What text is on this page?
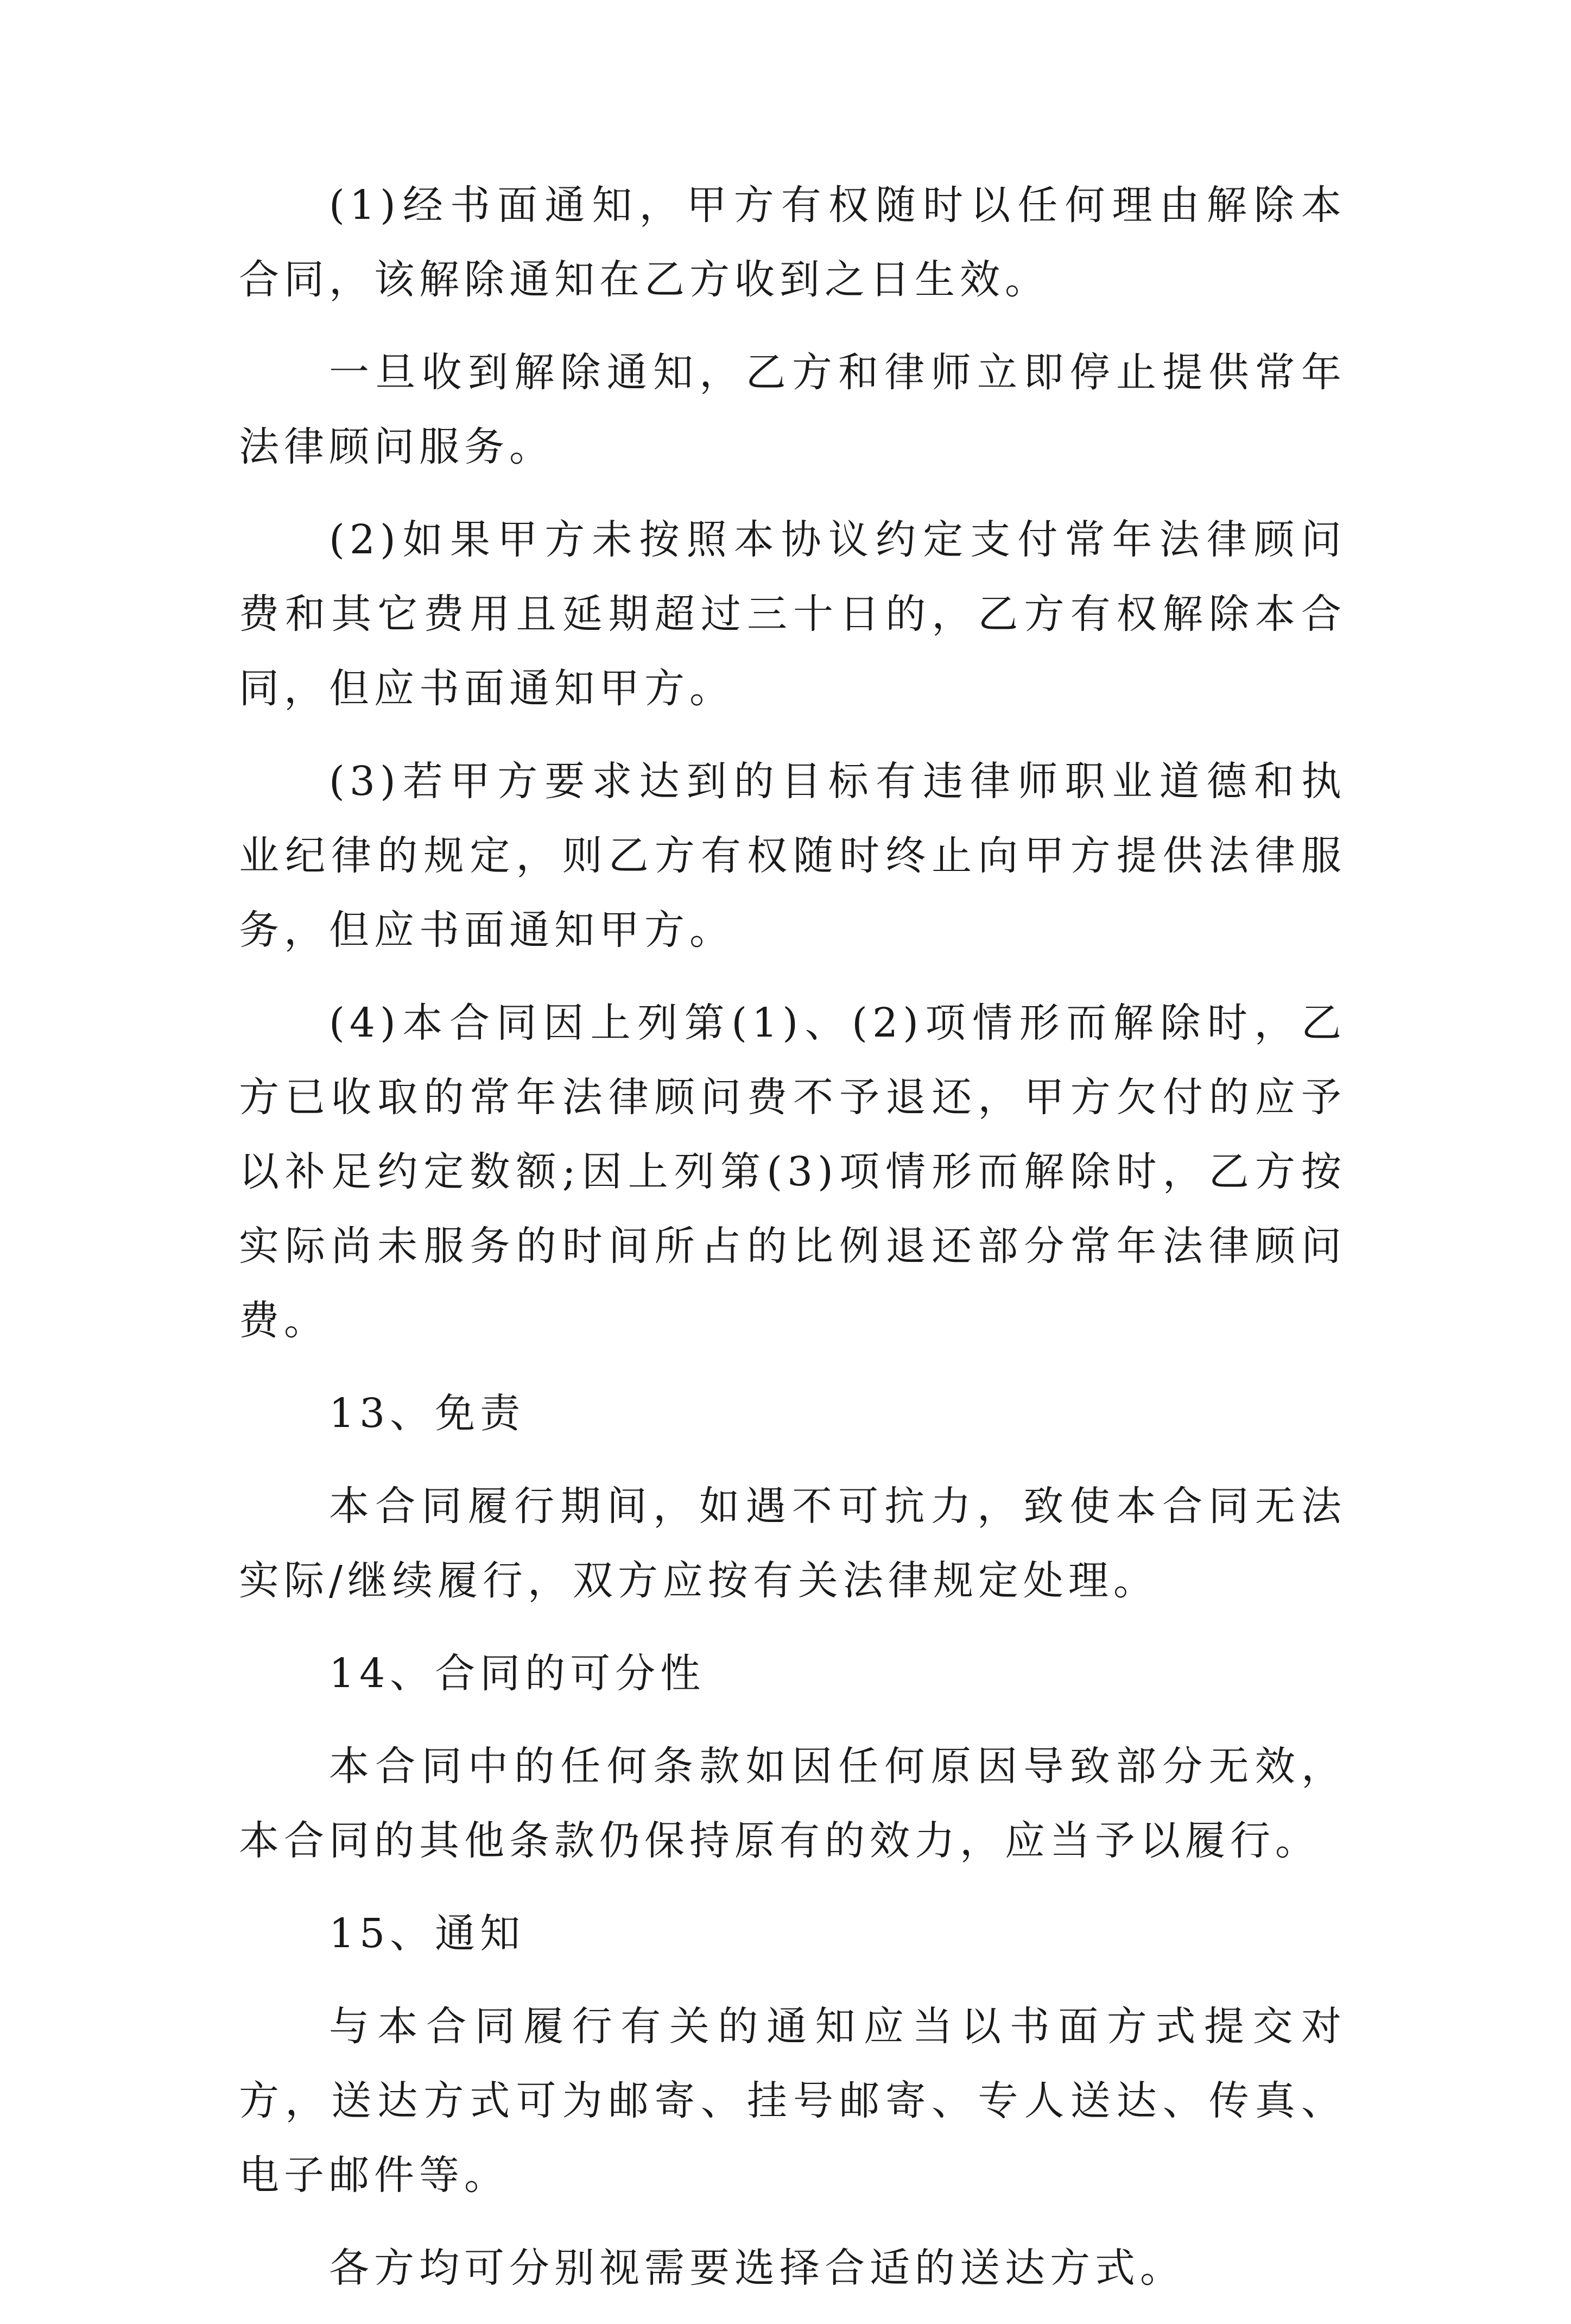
(1)经书面通知，甲方有权随时以任何理由解除本合同，该解除通知在乙方收到之日生效。

一旦收到解除通知，乙方和律师立即停止提供常年法律顾问服务。

(2)如果甲方未按照本协议约定支付常年法律顾问费和其它费用且延期超过三十日的，乙方有权解除本合同，但应书面通知甲方。

(3)若甲方要求达到的目标有违律师职业道德和执业纪律的规定，则乙方有权随时终止向甲方提供法律服务，但应书面通知甲方。

(4)本合同因上列第(1)、(2)项情形而解除时，乙方已收取的常年法律顾问费不予退还，甲方欠付的应予以补足约定数额;因上列第(3)项情形而解除时，乙方按实际尚未服务的时间所占的比例退还部分常年法律顾问费。

13、免责

本合同履行期间，如遇不可抗力，致使本合同无法实际/继续履行，双方应按有关法律规定处理。

14、合同的可分性

本合同中的任何条款如因任何原因导致部分无效，本合同的其他条款仍保持原有的效力，应当予以履行。

15、通知

与本合同履行有关的通知应当以书面方式提交对方，送达方式可为邮寄、挂号邮寄、专人送达、传真、电子邮件等。

各方均可分别视需要选择合适的送达方式。
